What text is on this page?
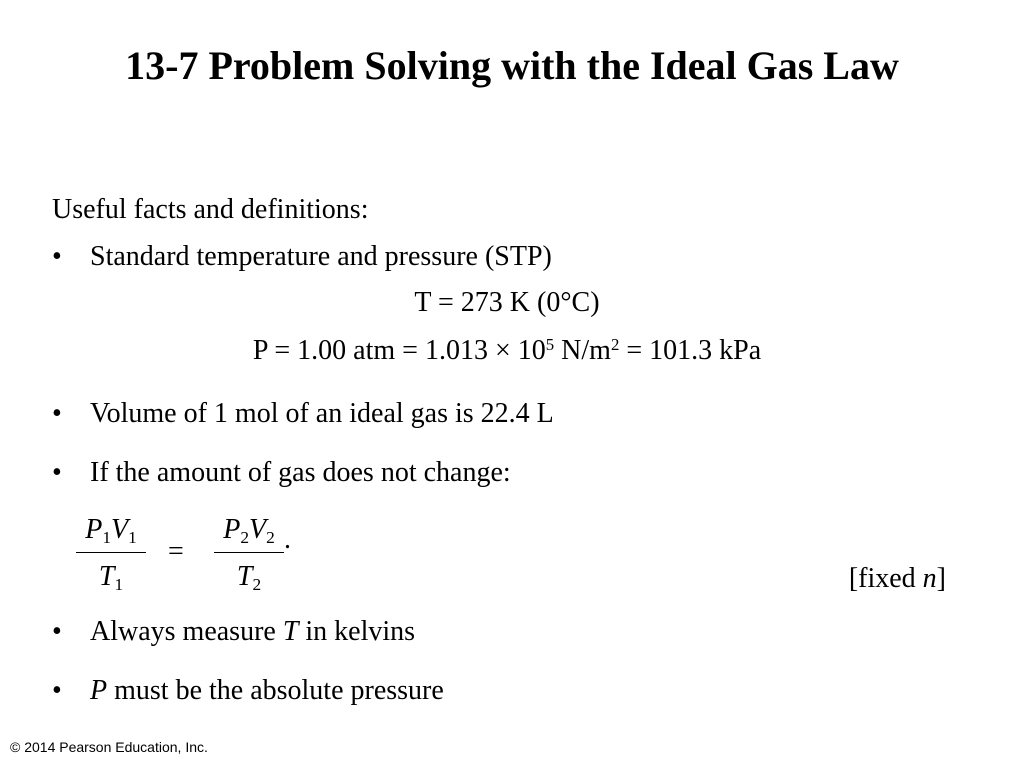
13-7 Problem Solving with the Ideal Gas Law

Useful facts and definitions:

• Standard temperature and pressure (STP)

T = 273 K (0°C)

P = 1.00 atm = $1.013 \times 10^5$ $N/m^2 = 101.3$ kPa

• Volume of 1 mol of an ideal gas is 22.4 L

• If the amount of gas does not change:

$P_1V_1$
$T_1$
=
$P_2V_2$
$T_2$
.

[fixed n]

• Always measure T in kelvins

• P must be the absolute pressure

© 2014 Pearson Education, Inc.
